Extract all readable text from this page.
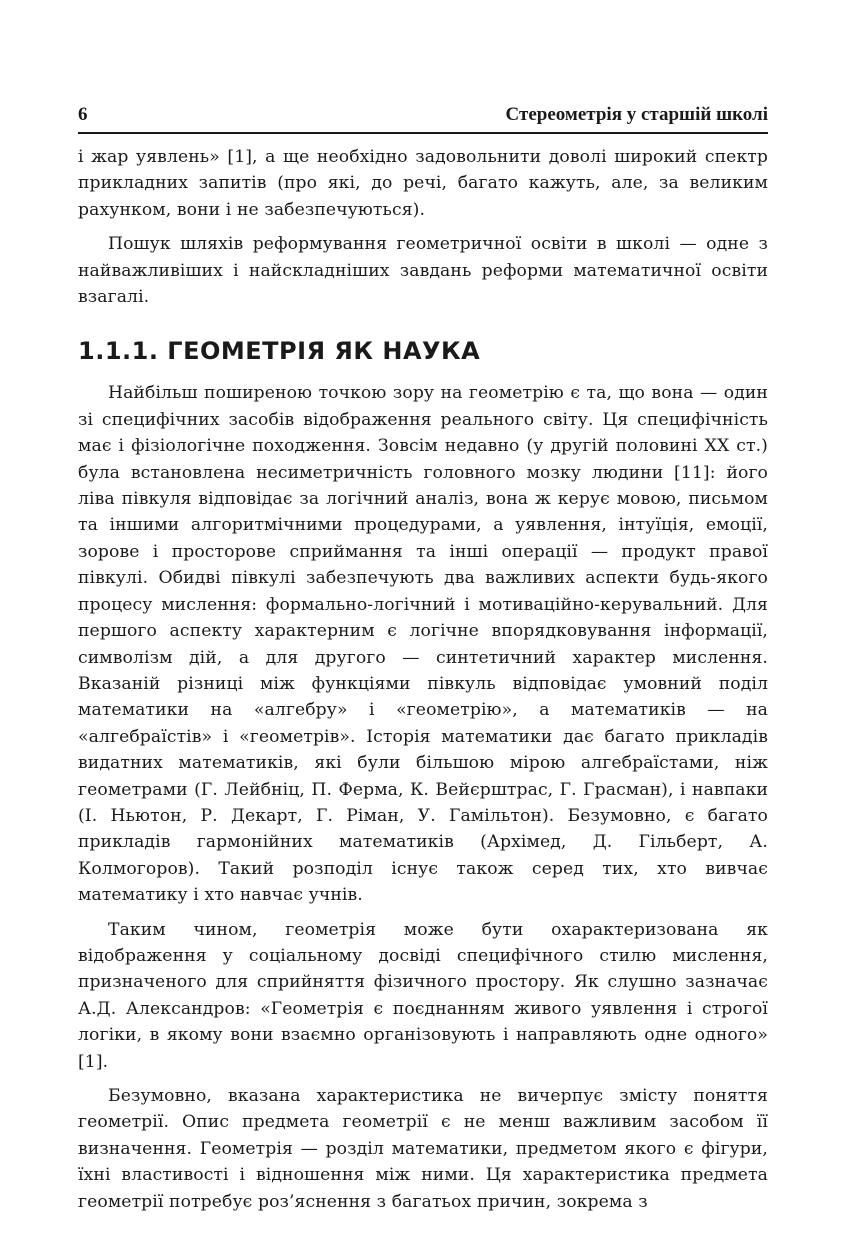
6	Стереометрія у старшій школі

і жар уявлень» [1], а ще необхідно задовольнити доволі широкий спектр прикладних запитів (про які, до речі, багато кажуть, але, за великим рахунком, вони і не забезпечуються).

Пошук шляхів реформування геометричної освіти в школі — одне з найважливіших і найскладніших завдань реформи математичної освіти взагалі.

1.1.1. ГЕОМЕТРІЯ ЯК НАУКА

Найбільш поширеною точкою зору на геометрію є та, що вона — один зі специфічних засобів відображення реального світу. Ця специфічність має і фізіологічне походження. Зовсім недавно (у другій половині XX ст.) була встановлена несиметричність головного мозку людини [11]: його ліва півкуля відповідає за логічний аналіз, вона ж керує мовою, письмом та іншими алгоритмічними процедурами, а уявлення, інтуїція, емоції, зорове і просторове сприймання та інші операції — продукт правої півкулі. Обидві півкулі забезпечують два важливих аспекти будь-якого процесу мислення: формально-логічний і мотиваційно-керувальний. Для першого аспекту характерним є логічне впорядковування інформації, символізм дій, а для другого — синтетичний характер мислення. Вказаній різниці між функціями півкуль відповідає умовний поділ математики на «алгебру» і «геометрію», а математиків — на «алгебраїстів» і «геометрів». Історія математики дає багато прикладів видатних математиків, які були більшою мірою алгебраїстами, ніж геометрами (Г. Лейбніц, П. Ферма, К. Вейєрштрас, Г. Грасман), і навпаки (І. Ньютон, Р. Декарт, Г. Ріман, У. Гамільтон). Безумовно, є багато прикладів гармонійних математиків (Архімед, Д. Гільберт, А. Колмогоров). Такий розподіл існує також серед тих, хто вивчає математику і хто навчає учнів.

Таким чином, геометрія може бути охарактеризована як відображення у соціальному досвіді специфічного стилю мислення, призначеного для сприйняття фізичного простору. Як слушно зазначає А.Д. Александров: «Геометрія є поєднанням живого уявлення і строгої логіки, в якому вони взаємно організовують і направляють одне одного» [1].

Безумовно, вказана характеристика не вичерпує змісту поняття геометрії. Опис предмета геометрії є не менш важливим засобом її визначення. Геометрія — розділ математики, предметом якого є фігури, їхні властивості і відношення між ними. Ця характеристика предмета геометрії потребує роз’яснення з багатьох причин, зокрема з
